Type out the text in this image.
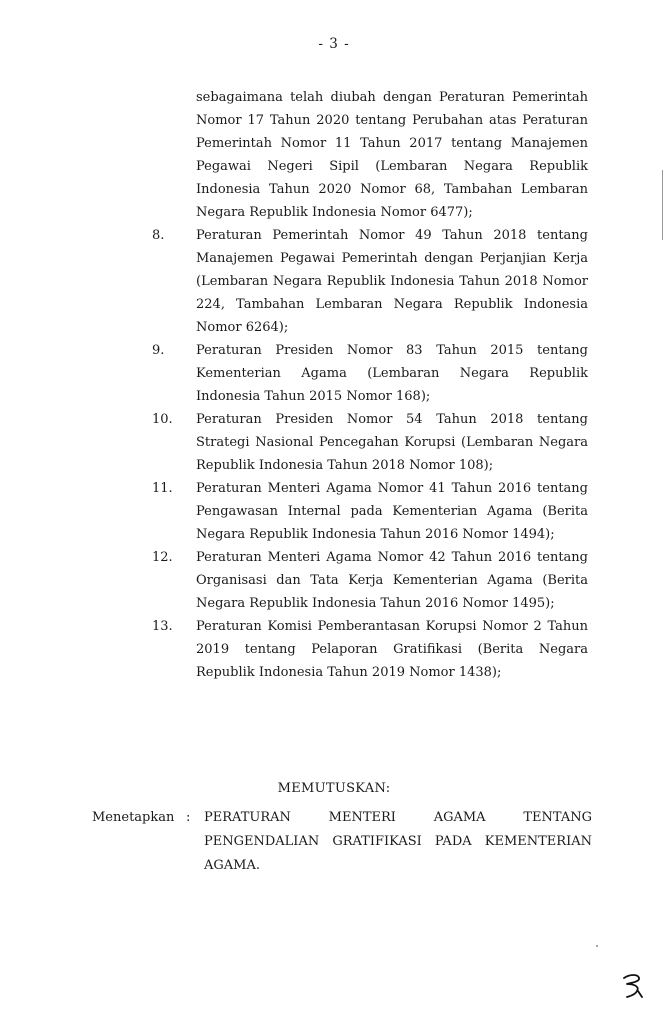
- 3 -

sebagaimana telah diubah dengan Peraturan Pemerintah Nomor 17 Tahun 2020 tentang Perubahan atas Peraturan Pemerintah Nomor 11 Tahun 2017 tentang Manajemen Pegawai Negeri Sipil (Lembaran Negara Republik Indonesia Tahun 2020 Nomor 68, Tambahan Lembaran Negara Republik Indonesia Nomor 6477);

8.	Peraturan Pemerintah Nomor 49 Tahun 2018 tentang Manajemen Pegawai Pemerintah dengan Perjanjian Kerja (Lembaran Negara Republik Indonesia Tahun 2018 Nomor 224, Tambahan Lembaran Negara Republik Indonesia Nomor 6264);
9.	Peraturan Presiden Nomor 83 Tahun 2015 tentang Kementerian Agama (Lembaran Negara Republik Indonesia Tahun 2015 Nomor 168);
10.	Peraturan Presiden Nomor 54 Tahun 2018 tentang Strategi Nasional Pencegahan Korupsi (Lembaran Negara Republik Indonesia Tahun 2018 Nomor 108);
11.	Peraturan Menteri Agama Nomor 41 Tahun 2016 tentang Pengawasan Internal pada Kementerian Agama (Berita Negara Republik Indonesia Tahun 2016 Nomor 1494);
12.	Peraturan Menteri Agama Nomor 42 Tahun 2016 tentang Organisasi dan Tata Kerja Kementerian Agama (Berita Negara Republik Indonesia Tahun 2016 Nomor 1495);
13.	Peraturan Komisi Pemberantasan Korupsi Nomor 2 Tahun 2019 tentang Pelaporan Gratifikasi (Berita Negara Republik Indonesia Tahun 2019 Nomor 1438);
MEMUTUSKAN:
Menetapkan : PERATURAN MENTERI AGAMA TENTANG PENGENDALIAN GRATIFIKASI PADA KEMENTERIAN AGAMA.
